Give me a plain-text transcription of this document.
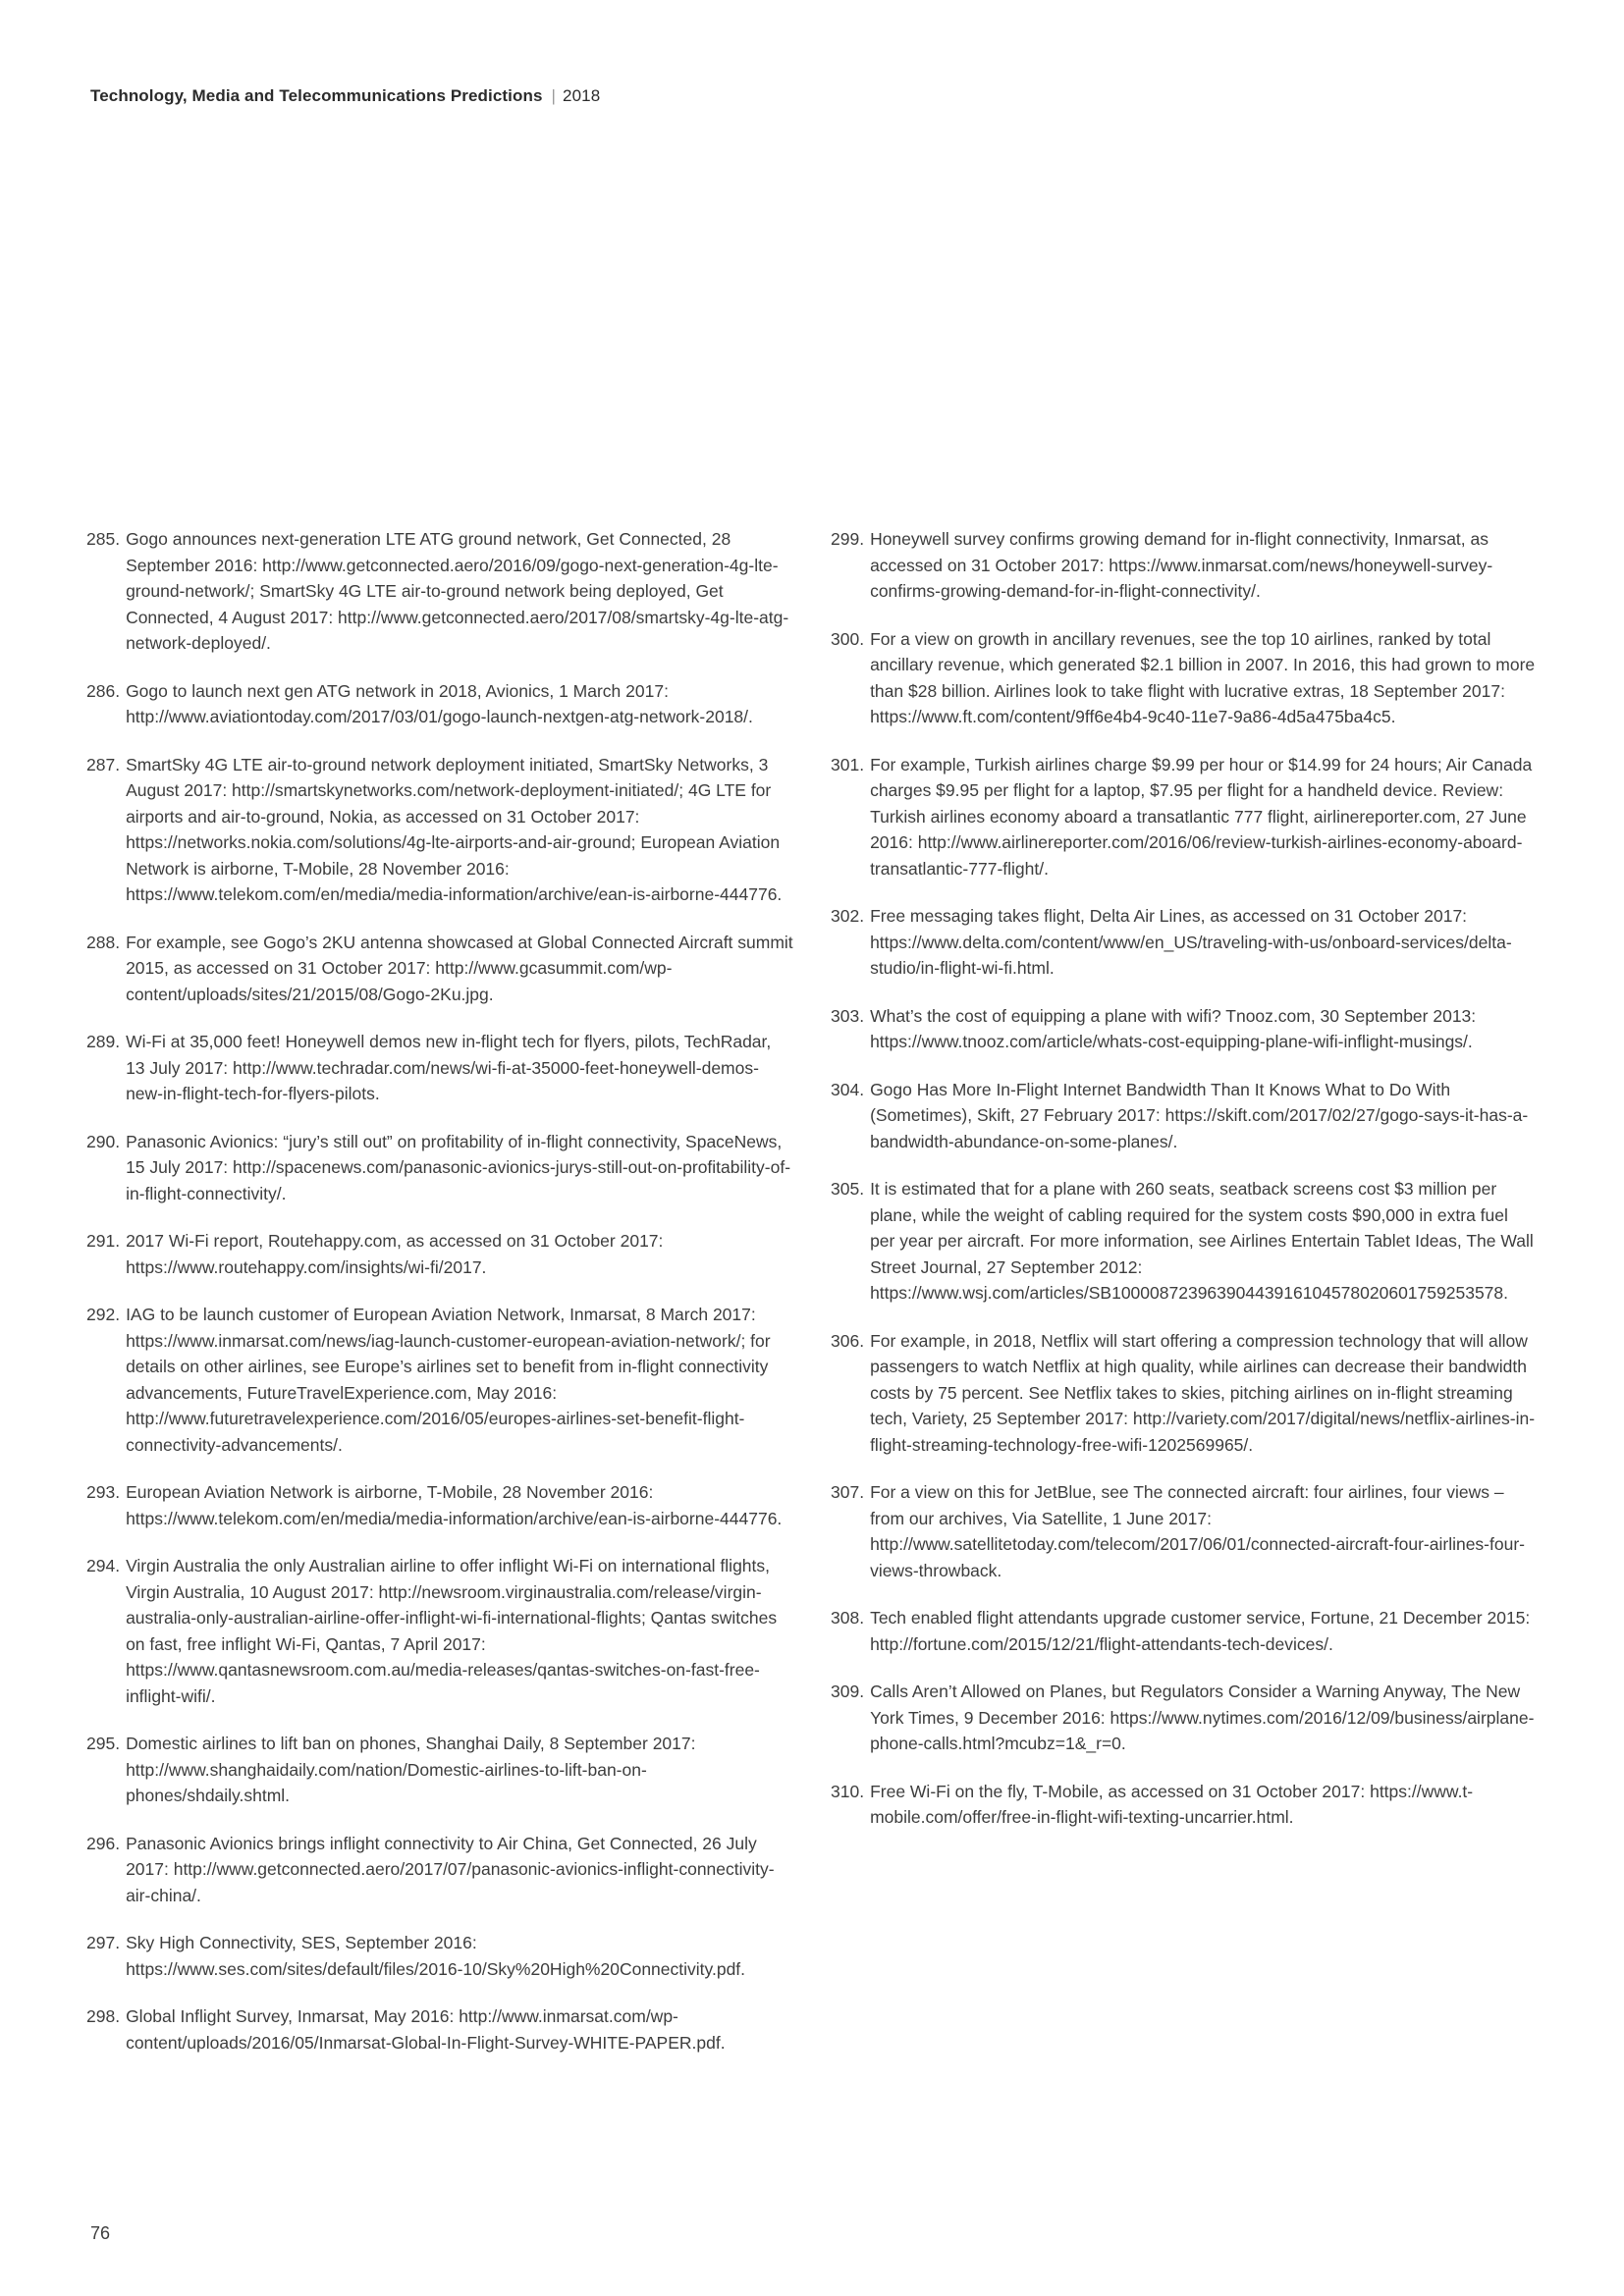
Technology, Media and Telecommunications Predictions | 2018
285. Gogo announces next-generation LTE ATG ground network, Get Connected, 28 September 2016: http://www.getconnected.aero/2016/09/gogo-next-generation-4g-lte-ground-network/; SmartSky 4G LTE air-to-ground network being deployed, Get Connected, 4 August 2017: http://www.getconnected.aero/2017/08/smartsky-4g-lte-atg-network-deployed/.
286. Gogo to launch next gen ATG network in 2018, Avionics, 1 March 2017: http://www.aviationtoday.com/2017/03/01/gogo-launch-nextgen-atg-network-2018/.
287. SmartSky 4G LTE air-to-ground network deployment initiated, SmartSky Networks, 3 August 2017: http://smartskynetworks.com/network-deployment-initiated/; 4G LTE for airports and air-to-ground, Nokia, as accessed on 31 October 2017: https://networks.nokia.com/solutions/4g-lte-airports-and-air-ground; European Aviation Network is airborne, T-Mobile, 28 November 2016: https://www.telekom.com/en/media/media-information/archive/ean-is-airborne-444776.
288. For example, see Gogo’s 2KU antenna showcased at Global Connected Aircraft summit 2015, as accessed on 31 October 2017: http://www.gcasummit.com/wp-content/uploads/sites/21/2015/08/Gogo-2Ku.jpg.
289. Wi-Fi at 35,000 feet! Honeywell demos new in-flight tech for flyers, pilots, TechRadar, 13 July 2017: http://www.techradar.com/news/wi-fi-at-35000-feet-honeywell-demos-new-in-flight-tech-for-flyers-pilots.
290. Panasonic Avionics: “jury’s still out” on profitability of in-flight connectivity, SpaceNews, 15 July 2017: http://spacenews.com/panasonic-avionics-jurys-still-out-on-profitability-of-in-flight-connectivity/.
291. 2017 Wi-Fi report, Routehappy.com, as accessed on 31 October 2017: https://www.routehappy.com/insights/wi-fi/2017.
292. IAG to be launch customer of European Aviation Network, Inmarsat, 8 March 2017: https://www.inmarsat.com/news/iag-launch-customer-european-aviation-network/; for details on other airlines, see Europe’s airlines set to benefit from in-flight connectivity advancements, FutureTravelExperience.com, May 2016: http://www.futuretravelexperience.com/2016/05/europes-airlines-set-benefit-flight-connectivity-advancements/.
293. European Aviation Network is airborne, T-Mobile, 28 November 2016: https://www.telekom.com/en/media/media-information/archive/ean-is-airborne-444776.
294. Virgin Australia the only Australian airline to offer inflight Wi-Fi on international flights, Virgin Australia, 10 August 2017: http://newsroom.virginaustralia.com/release/virgin-australia-only-australian-airline-offer-inflight-wi-fi-international-flights; Qantas switches on fast, free inflight Wi-Fi, Qantas, 7 April 2017: https://www.qantasnewsroom.com.au/media-releases/qantas-switches-on-fast-free-inflight-wifi/.
295. Domestic airlines to lift ban on phones, Shanghai Daily, 8 September 2017: http://www.shanghaidaily.com/nation/Domestic-airlines-to-lift-ban-on-phones/shdaily.shtml.
296. Panasonic Avionics brings inflight connectivity to Air China, Get Connected, 26 July 2017: http://www.getconnected.aero/2017/07/panasonic-avionics-inflight-connectivity-air-china/.
297. Sky High Connectivity, SES, September 2016: https://www.ses.com/sites/default/files/2016-10/Sky%20High%20Connectivity.pdf.
298. Global Inflight Survey, Inmarsat, May 2016: http://www.inmarsat.com/wp-content/uploads/2016/05/Inmarsat-Global-In-Flight-Survey-WHITE-PAPER.pdf.
299. Honeywell survey confirms growing demand for in-flight connectivity, Inmarsat, as accessed on 31 October 2017: https://www.inmarsat.com/news/honeywell-survey-confirms-growing-demand-for-in-flight-connectivity/.
300. For a view on growth in ancillary revenues, see the top 10 airlines, ranked by total ancillary revenue, which generated $2.1 billion in 2007. In 2016, this had grown to more than $28 billion. Airlines look to take flight with lucrative extras, 18 September 2017: https://www.ft.com/content/9ff6e4b4-9c40-11e7-9a86-4d5a475ba4c5.
301. For example, Turkish airlines charge $9.99 per hour or $14.99 for 24 hours; Air Canada charges $9.95 per flight for a laptop, $7.95 per flight for a handheld device. Review: Turkish airlines economy aboard a transatlantic 777 flight, airlinereporter.com, 27 June 2016: http://www.airlinereporter.com/2016/06/review-turkish-airlines-economy-aboard-transatlantic-777-flight/.
302. Free messaging takes flight, Delta Air Lines, as accessed on 31 October 2017: https://www.delta.com/content/www/en_US/traveling-with-us/onboard-services/delta-studio/in-flight-wi-fi.html.
303. What’s the cost of equipping a plane with wifi? Tnooz.com, 30 September 2013: https://www.tnooz.com/article/whats-cost-equipping-plane-wifi-inflight-musings/.
304. Gogo Has More In-Flight Internet Bandwidth Than It Knows What to Do With (Sometimes), Skift, 27 February 2017: https://skift.com/2017/02/27/gogo-says-it-has-a-bandwidth-abundance-on-some-planes/.
305. It is estimated that for a plane with 260 seats, seatback screens cost $3 million per plane, while the weight of cabling required for the system costs $90,000 in extra fuel per year per aircraft. For more information, see Airlines Entertain Tablet Ideas, The Wall Street Journal, 27 September 2012: https://www.wsj.com/articles/SB10000872396390443916104578020601759253578.
306. For example, in 2018, Netflix will start offering a compression technology that will allow passengers to watch Netflix at high quality, while airlines can decrease their bandwidth costs by 75 percent. See Netflix takes to skies, pitching airlines on in-flight streaming tech, Variety, 25 September 2017: http://variety.com/2017/digital/news/netflix-airlines-in-flight-streaming-technology-free-wifi-1202569965/.
307. For a view on this for JetBlue, see The connected aircraft: four airlines, four views – from our archives, Via Satellite, 1 June 2017: http://www.satellitetoday.com/telecom/2017/06/01/connected-aircraft-four-airlines-four-views-throwback.
308. Tech enabled flight attendants upgrade customer service, Fortune, 21 December 2015: http://fortune.com/2015/12/21/flight-attendants-tech-devices/.
309. Calls Aren’t Allowed on Planes, but Regulators Consider a Warning Anyway, The New York Times, 9 December 2016: https://www.nytimes.com/2016/12/09/business/airplane-phone-calls.html?mcubz=1&_r=0.
310. Free Wi-Fi on the fly, T-Mobile, as accessed on 31 October 2017: https://www.t-mobile.com/offer/free-in-flight-wifi-texting-uncarrier.html.
76
